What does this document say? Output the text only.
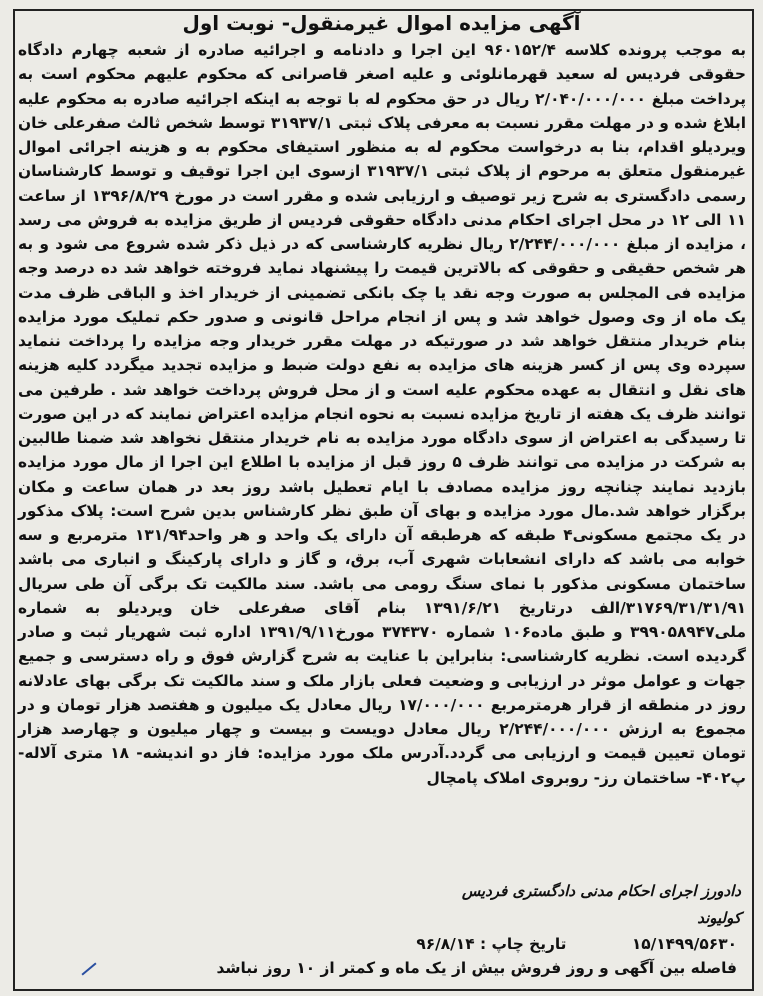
آگهی مزایده اموال غیرمنقول- نوبت اول
به موجب پرونده کلاسه ۹۶۰۱۵۲/۴ این اجرا و دادنامه و اجرائیه صادره از شعبه چهارم دادگاه حقوقی فردیس له سعید قهرمانلوئی و علیه اصغر قاصرانی که محکوم علیهم محکوم است به پرداخت مبلغ ۲/۰۴۰/۰۰۰/۰۰۰ ریال در حق محکوم له با توجه به اینکه اجرائیه صادره به محکوم علیه ابلاغ شده و در مهلت مقرر نسبت به معرفی پلاک ثبتی ۳۱۹۳۷/۱ توسط شخص ثالث صفرعلی خان ویردیلو اقدام، بنا به درخواست محکوم له به منظور استیفای محکوم به و هزینه اجرائی اموال غیرمنقول متعلق به مرحوم از پلاک ثبتی ۳۱۹۳۷/۱ ازسوی این اجرا توقیف و توسط کارشناسان رسمی دادگستری به شرح زیر توصیف و ارزیابی شده و مقرر است در مورخ ۱۳۹۶/۸/۲۹ از ساعت ۱۱ الی ۱۲ در محل اجرای احکام مدنی دادگاه حقوقی فردیس از طریق مزایده به فروش می رسد ، مزایده از مبلغ ۲/۲۴۴/۰۰۰/۰۰۰ ریال نظریه کارشناسی که در ذیل ذکر شده شروع می شود و به هر شخص حقیقی و حقوقی که بالاترین قیمت را پیشنهاد نماید فروخته خواهد شد ده درصد وجه مزایده فی المجلس به صورت وجه نقد یا چک بانکی تضمینی از خریدار اخذ و الباقی ظرف مدت یک ماه از وی وصول خواهد شد و پس از انجام مراحل قانونی و صدور حکم تملیک مورد مزایده بنام خریدار منتقل خواهد شد در صورتیکه در مهلت مقرر خریدار وجه مزایده را پرداخت ننماید سپرده وی پس از کسر هزینه های مزایده به نفع دولت ضبط و مزایده تجدید میگردد کلیه هزینه های نقل و انتقال به عهده محکوم علیه است و از محل فروش پرداخت خواهد شد . طرفین می توانند ظرف یک هفته از تاریخ مزایده نسبت به نحوه انجام مزایده اعتراض نمایند که در این صورت تا رسیدگی به اعتراض از سوی دادگاه مورد مزایده به نام خریدار منتقل نخواهد شد ضمنا طالبین به شرکت در مزایده می توانند ظرف ۵ روز قبل از مزایده با اطلاع این اجرا از مال مورد مزایده بازدید نمایند چنانچه روز مزایده مصادف با ایام تعطیل باشد روز بعد در همان ساعت و مکان برگزار خواهد شد.مال مورد مزایده و بهای آن طبق نظر کارشناس بدین شرح است: پلاک مذکور در یک مجتمع مسکونی۴ طبقه که هرطبقه آن دارای یک واحد و هر واحد۱۳۱/۹۴ مترمربع و سه خوابه می باشد که دارای انشعابات شهری آب، برق، و گاز و دارای پارکینگ و انباری می باشد ساختمان مسکونی مذکور با نمای سنگ رومی می باشد. سند مالکیت تک برگی آن طی سریال ۳۱۷۶۹/۳۱/۳۱/۹۱/الف درتاریخ ۱۳۹۱/۶/۲۱ بنام آقای صفرعلی خان ویردیلو به شماره ملی۳۹۹۰۵۸۹۴۷ و طبق ماده۱۰۶ شماره ۳۷۴۳۷۰ مورخ۱۳۹۱/۹/۱۱ اداره ثبت شهریار ثبت و صادر گردیده است. نظریه کارشناسی: بنابراین با عنایت به شرح گزارش فوق و راه دسترسی و جمیع جهات و عوامل موثر در ارزیابی و وضعیت فعلی بازار ملک و سند مالکیت تک برگی بهای عادلانه روز در منطقه از قرار هرمترمربع ۱۷/۰۰۰/۰۰۰ ریال معادل یک میلیون و هفتصد هزار تومان و در مجموع به ارزش ۲/۲۴۴/۰۰۰/۰۰۰ ریال معادل دویست و بیست و چهار میلیون و چهارصد هزار تومان تعیین قیمت و ارزیابی می گردد.آدرس ملک مورد مزایده: فاز دو اندیشه- ۱۸ متری آلاله- پ۴۰۲- ساختمان رز- روبروی املاک پامچال
دادورز اجرای احکام مدنی دادگستری فردیس
کولیوند
۱۵/۱۴۹۹/۵۶۳۰ تاریخ چاپ : ۹۶/۸/۱۴
فاصله بین آگهی و روز فروش بیش از یک ماه و کمتر از ۱۰ روز نباشد
